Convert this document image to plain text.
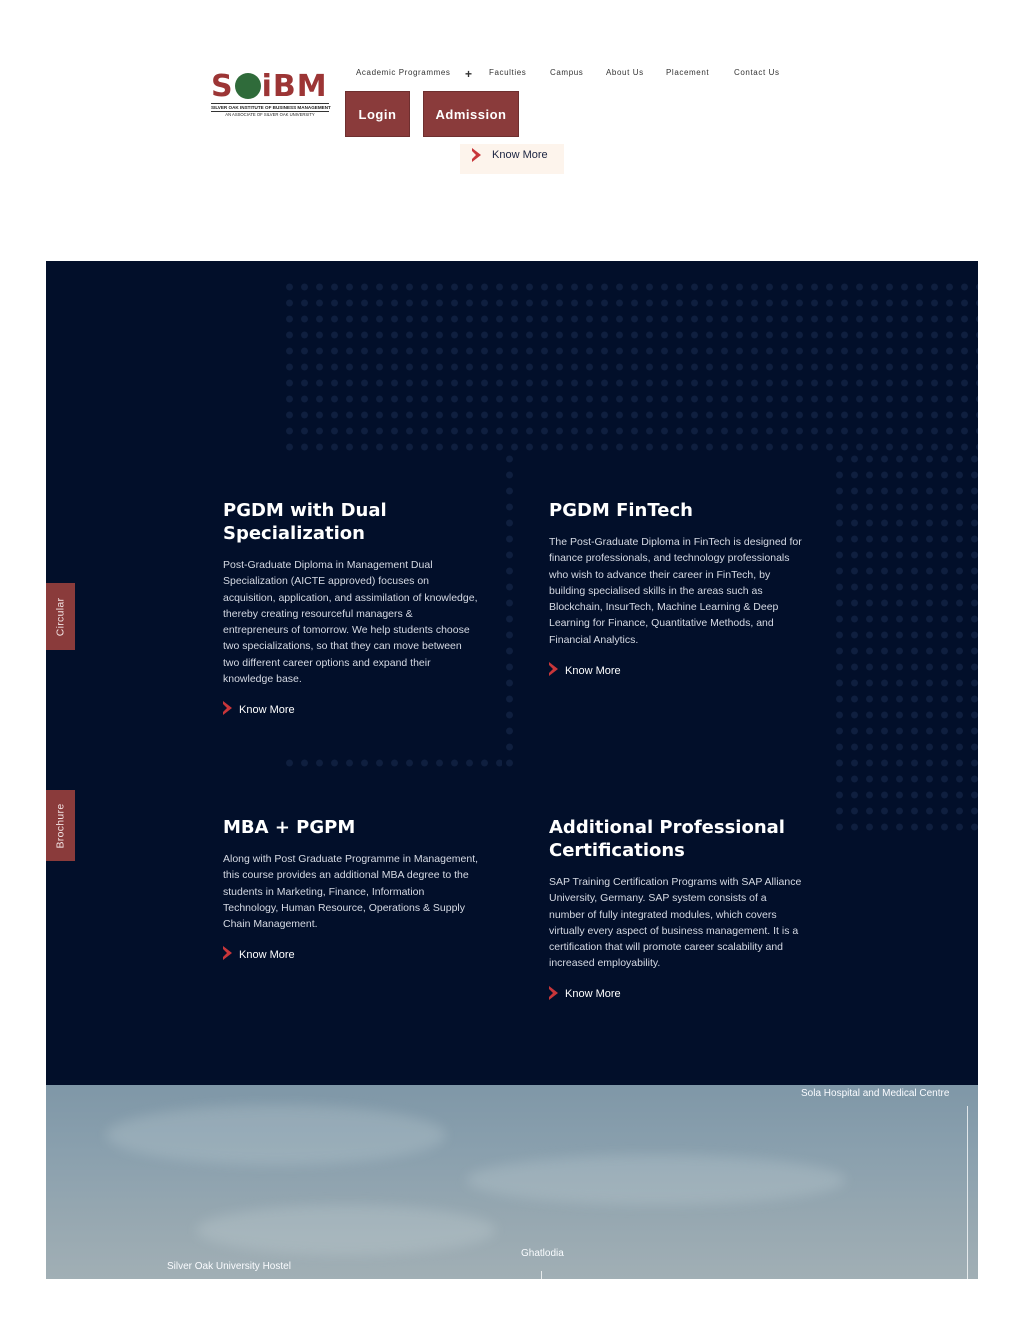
S iBM
SILVER OAK INSTITUTE OF BUSINESS MANAGEMENT
AN ASSOCIATE OF SILVER OAK UNIVERSITY
Academic Programmes + Faculties	Campus	About Us	Placement	Contact Us
Login	Admission
Know More
PGDM with Dual Specialization

Post-Graduate Diploma in Management Dual Specialization (AICTE approved) focuses on acquisition, application, and assimilation of knowledge, thereby creating resourceful managers & entrepreneurs of tomorrow. We help students choose two specializations, so that they can move between two different career options and expand their knowledge base.

Know More
PGDM FinTech

The Post-Graduate Diploma in FinTech is designed for finance professionals, and technology professionals who wish to advance their career in FinTech, by building specialised skills in the areas such as Blockchain, InsurTech, Machine Learning & Deep Learning for Finance, Quantitative Methods, and Financial Analytics.

Know More
MBA + PGPM

Along with Post Graduate Programme in Management, this course provides an additional MBA degree to the students in Marketing, Finance, Information Technology, Human Resource, Operations & Supply Chain Management.

Know More
Additional Professional Certifications

SAP Training Certification Programs with SAP Alliance University, Germany. SAP system consists of a number of fully integrated modules, which covers virtually every aspect of business management. It is a certification that will promote career scalability and increased employability.

Know More
Circular
Brochure
Sola Hospital and Medical Centre
Ghatlodia
Silver Oak University Hostel
